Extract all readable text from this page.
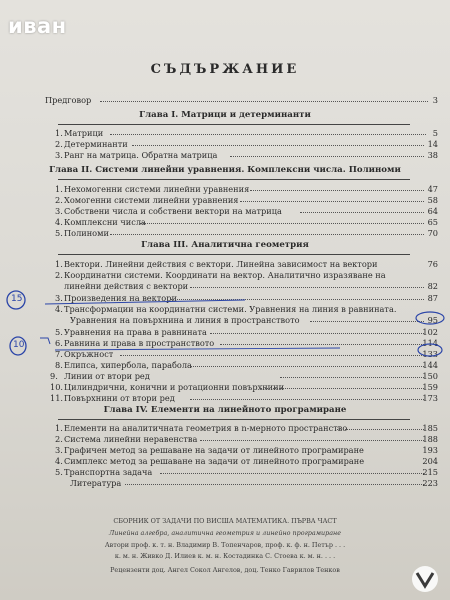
иван
СЪДЪРЖАНИЕ
Предговор	3
Глава I. Матрици и детерминанти
1. Матрици	5
2. Детерминанти	14
3. Ранг на матрица. Обратна матрица	38
Глава II. Системи линейни уравнения. Комплексни числа. Полиноми
1. Нехомогенни системи линейни уравнения	47
2. Хомогенни системи линейни уравнения	58
3. Собствени числа и собствени вектори на матрица	64
4. Комплексни числа	65
5. Полиноми	70
Глава III. Аналитична геометрия
1. Вектори. Линейни действия с вектори. Линейна зависимост на вектори	76
2. Координатни системи. Координати на вектор. Аналитично изразяване на
линейни действия с вектори	82
3. Произведения на вектори	87
4. Трансформации на координатни системи. Уравнения на линия в равнината.
Уравнения на повърхнина и линия в пространството	95
5. Уравнения на права в равнината	102
6. Равнина и права в пространството	114
7. Окръжност	133
8. Елипса, хипербола, парабола	144
9. Линии от втори ред	150
10. Цилиндрични, конични и ротационни повърхнини	159
11. Повърхнини от втори ред	173
Глава IV. Елементи на линейното програмиране
1. Елементи на аналитичната геометрия в n-мерното пространство	185
2. Система линейни неравенства	188
3. Графичен метод за решаване на задачи от линейното програмиране	193
4. Симплекс метод за решаване на задачи от линейното програмиране	204
5. Транспортна задача	215
Литература	223
СБОРНИК ОТ ЗАДАЧИ ПО ВИСША МАТЕМАТИКА. ПЪРВА ЧАСТ
Линейна алгебра, аналитична геометрия и линейно програмиране
Автори проф. к. т. н. Владимир В. Топенчаров, проф. к. ф. н. Петър . . .
к. м. н. Живко Д. Илиев к. м. н. Костадинка С. Стоева к. м. н. . . .
Рецензенти доц. Ангел Сокол Ангелов, доц. Тенко Гаврилов Тенков
15
10
